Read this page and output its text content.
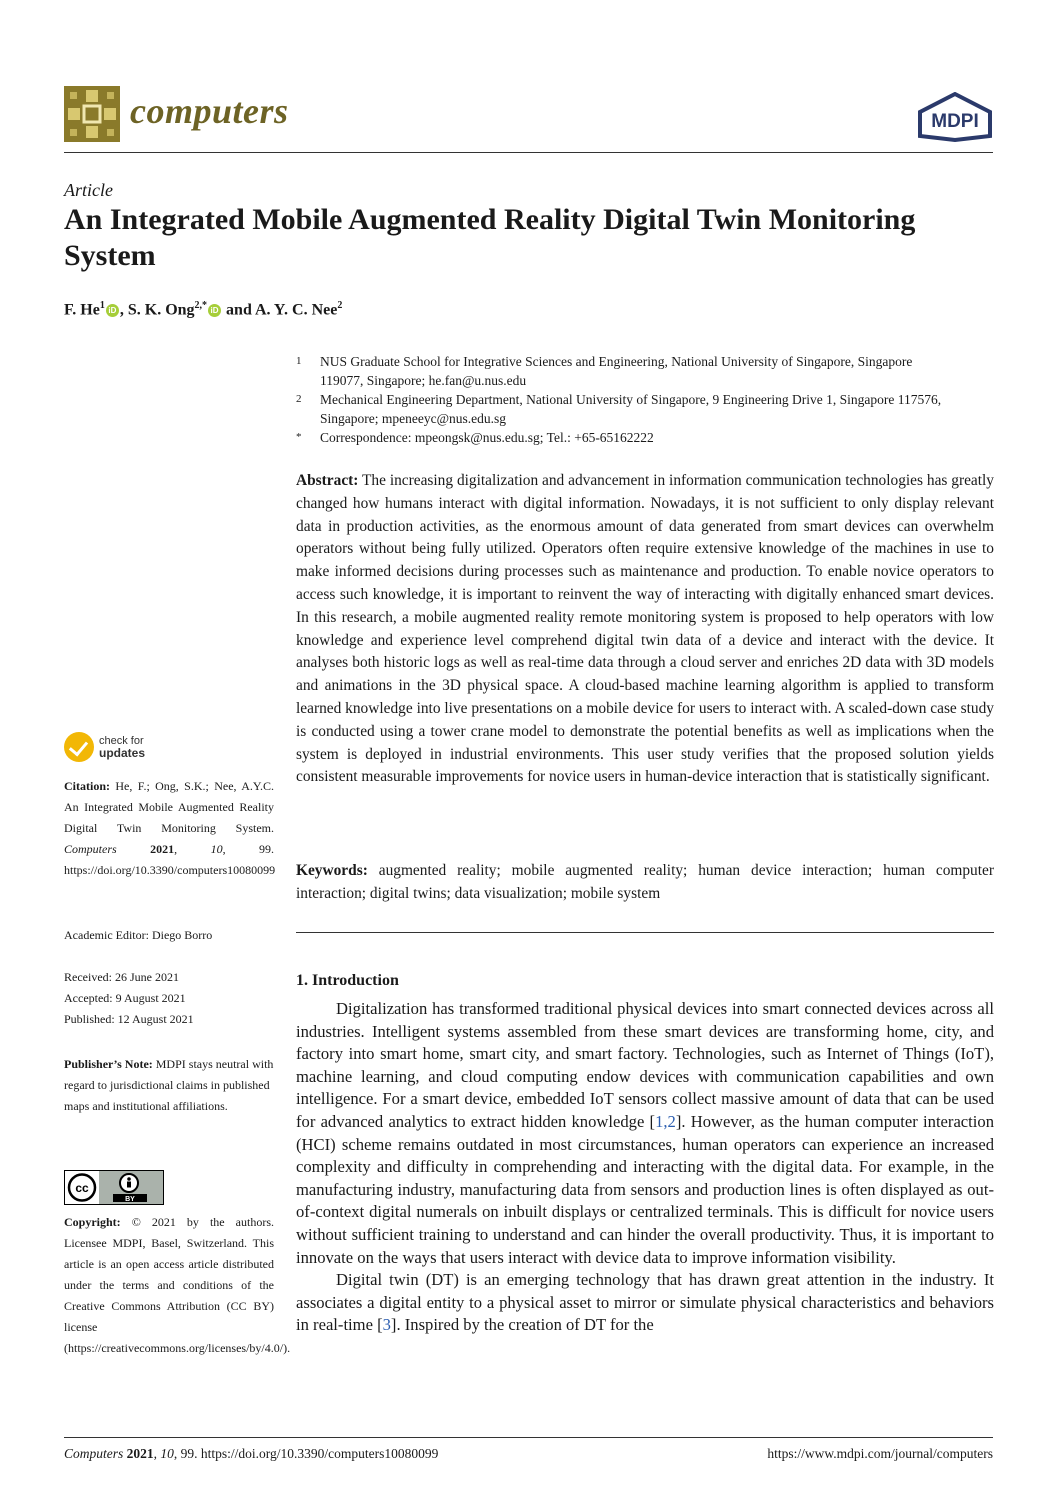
computers	MDPI
Article
An Integrated Mobile Augmented Reality Digital Twin Monitoring System
F. He$^1$ iD , S. K. Ong$^{2,*}$ iD and A. Y. C. Nee$^2$
1	NUS Graduate School for Integrative Sciences and Engineering, National University of Singapore, Singapore 119077, Singapore; he.fan@u.nus.edu
2	Mechanical Engineering Department, National University of Singapore, 9 Engineering Drive 1, Singapore 117576, Singapore; mpeneeyc@nus.edu.sg
*	Correspondence: mpeongsk@nus.edu.sg; Tel.: +65-65162222
Abstract: The increasing digitalization and advancement in information communication technologies has greatly changed how humans interact with digital information. Nowadays, it is not sufficient to only display relevant data in production activities, as the enormous amount of data generated from smart devices can overwhelm operators without being fully utilized. Operators often require extensive knowledge of the machines in use to make informed decisions during processes such as maintenance and production. To enable novice operators to access such knowledge, it is important to reinvent the way of interacting with digitally enhanced smart devices. In this research, a mobile augmented reality remote monitoring system is proposed to help operators with low knowledge and experience level comprehend digital twin data of a device and interact with the device. It analyses both historic logs as well as real-time data through a cloud server and enriches 2D data with 3D models and animations in the 3D physical space. A cloud-based machine learning algorithm is applied to transform learned knowledge into live presentations on a mobile device for users to interact with. A scaled-down case study is conducted using a tower crane model to demonstrate the potential benefits as well as implications when the system is deployed in industrial environments. This user study verifies that the proposed solution yields consistent measurable improvements for novice users in human-device interaction that is statistically significant.
Keywords: augmented reality; mobile augmented reality; human device interaction; human computer interaction; digital twins; data visualization; mobile system
1. Introduction

Digitalization has transformed traditional physical devices into smart connected devices across all industries. Intelligent systems assembled from these smart devices are transforming home, city, and factory into smart home, smart city, and smart factory. Technologies, such as Internet of Things (IoT), machine learning, and cloud computing endow devices with communication capabilities and own intelligence. For a smart device, embedded IoT sensors collect massive amount of data that can be used for advanced analytics to extract hidden knowledge [1,2]. However, as the human computer interaction (HCI) scheme remains outdated in most circumstances, human operators can experience an increased complexity and difficulty in comprehending and interacting with the digital data. For example, in the manufacturing industry, manufacturing data from sensors and production lines is often displayed as out-of-context digital numerals on inbuilt displays or centralized terminals. This is difficult for novice users without sufficient training to understand and can hinder the overall productivity. Thus, it is important to innovate on the ways that users interact with device data to improve information visibility.

Digital twin (DT) is an emerging technology that has drawn great attention in the industry. It associates a digital entity to a physical asset to mirror or simulate physical characteristics and behaviors in real-time [3]. Inspired by the creation of DT for the

check for
updates
Citation: He, F.; Ong, S.K.; Nee, A.Y.C. An Integrated Mobile Augmented Reality Digital Twin Monitoring System. Computers	2021, 10, 99. https://doi.org/10.3390/computers10080099
Academic Editor: Diego Borro
Received: 26 June 2021
Accepted: 9 August 2021
Published: 12 August 2021
Publisher’s Note: MDPI stays neutral with regard to jurisdictional claims in published maps and institutional affiliations.
cc
BY
Copyright: © 2021 by the authors. Licensee MDPI, Basel, Switzerland. This article is an open access article distributed under the terms and conditions of the Creative Commons Attribution (CC BY) license (https://creativecommons.org/licenses/by/4.0/).
Computers 2021, 10, 99. https://doi.org/10.3390/computers10080099	https://www.mdpi.com/journal/computers
